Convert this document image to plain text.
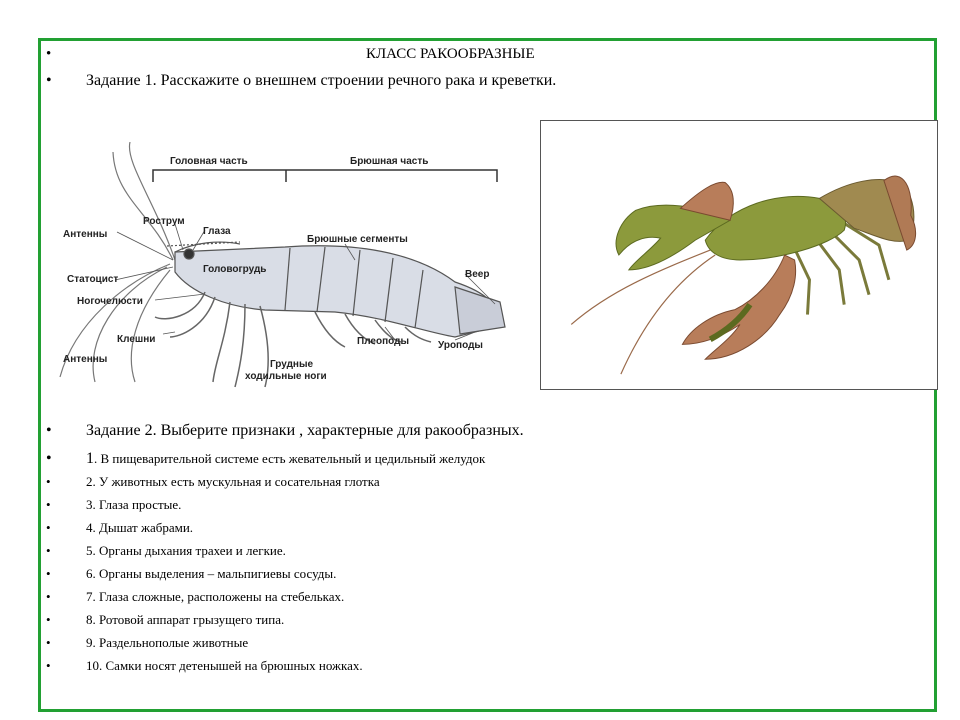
•	КЛАСС РАКООБРАЗНЫЕ
• Задание 1. Расскажите о внешнем строении речного рака и креветки.
Головная часть	Брюшная часть
Антенны
Рострум
Глаза
Статоцист
Головогрудь
Брюшные сегменты
Веер
Ногочелюсти
Клешни
Антенны	Грудные
ходильные ноги
Плеоподы	Уроподы
• Задание 2. Выберите признаки , характерные для ракообразных.
• 1. В пищеварительной системе есть жевательный и цедильный желудок
•	2. У животных есть мускульная и сосательная глотка
•	3. Глаза простые.
•	4. Дышат жабрами.
•	5. Органы дыхания трахеи и легкие.
•	6. Органы выделения – мальпигиевы сосуды.
•	7. Глаза сложные, расположены на стебельках.
•	8. Ротовой аппарат грызущего типа.
•	9. Раздельнополые животные
•	10. Самки носят детенышей на брюшных ножках.
